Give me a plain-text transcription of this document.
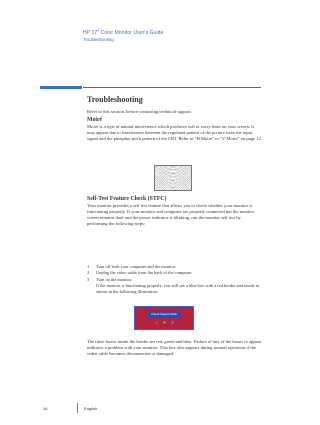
HP 17" Color Monitor User's Guide
Troubleshooting
Troubleshooting
Refer to this section, before contacting technical support.
Moiré
Moiré is a type of natural interference which produces soft or wavy lines on your screen. It may appear due to interference between the regulated pattern of the picture from the input signal and the phosphor pitch pattern of the CRT. Refer to "H Moire" or "V Moire" on page 12.
Self-Test Feature Check (STFC)
Your monitor provides a self test feature that allows you to check whether your monitor is functioning properly. If your monitor and computer are properly connected but the monitor screen remains dark and the power indicator is blinking, run the monitor self test by performing the following steps:
1 Turn off both your computer and the monitor.
2 Unplug the video cable from the back of the computer.
3 Turn on the monitor.
If the monitor is functioning properly, you will see a blue box with a red border and inside as shown in the following illustration:
Check Signal Cable
The three boxes inside the border are red, green and blue. Failure of any of the boxes to appear indicates a problem with your monitor. This box also appears during normal operation if the video cable becomes disconnected or damaged.
16	English
